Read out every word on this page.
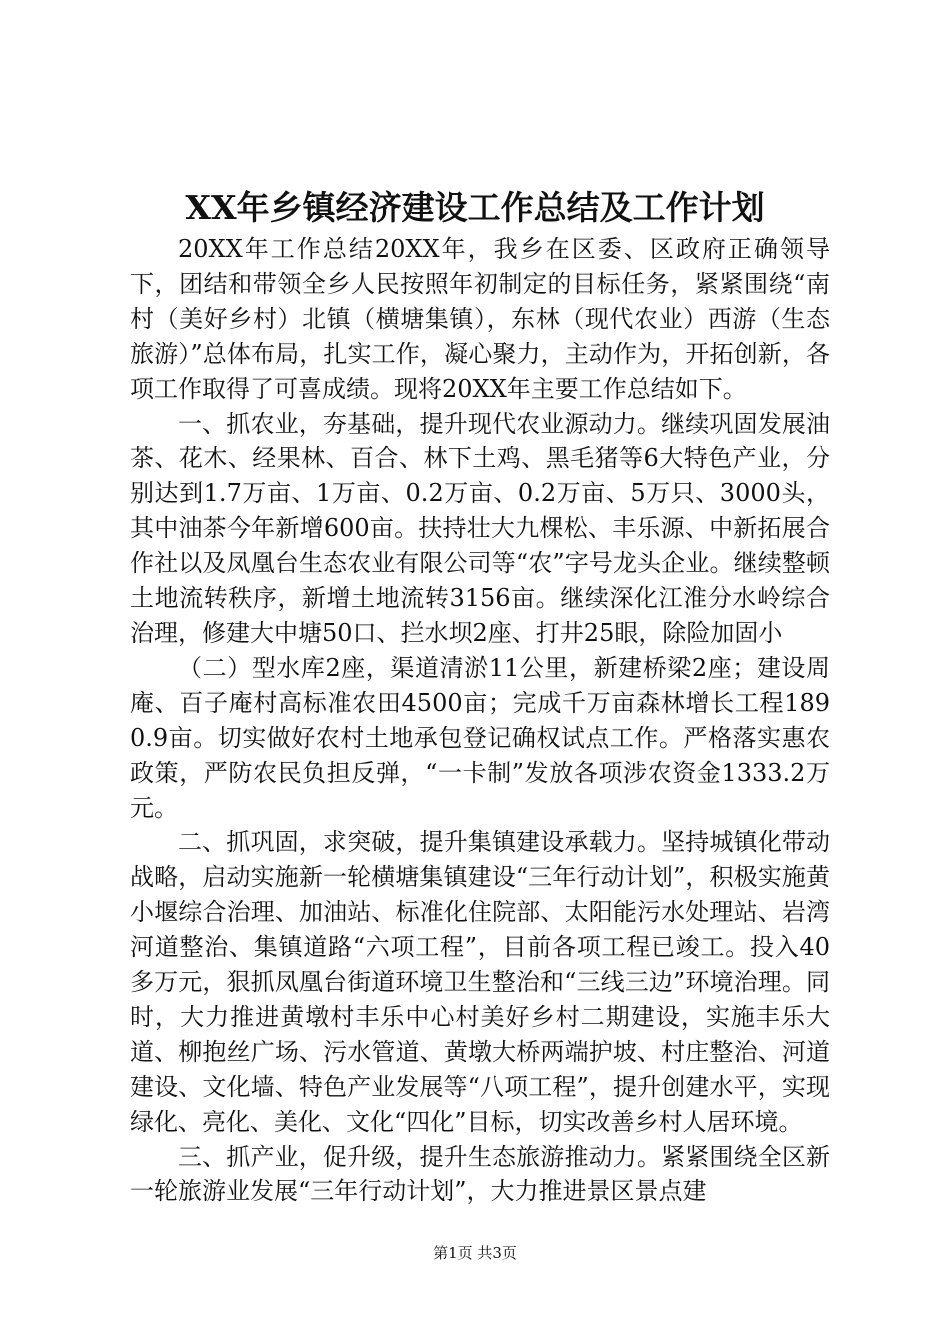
XX年乡镇经济建设工作总结及工作计划

20XX年工作总结20XX年，我乡在区委、区政府正确领导下，团结和带领全乡人民按照年初制定的目标任务，紧紧围绕“南村（美好乡村）北镇（横塘集镇），东林（现代农业）西游（生态旅游）”总体布局，扎实工作，凝心聚力，主动作为，开拓创新，各项工作取得了可喜成绩。现将20XX年主要工作总结如下。

一、抓农业，夯基础，提升现代农业源动力。继续巩固发展油茶、花木、经果林、百合、林下土鸡、黑毛猪等6大特色产业，分别达到1.7万亩、1万亩、0.2万亩、0.2万亩、5万只、3000头，其中油茶今年新增600亩。扶持壮大九棵松、丰乐源、中新拓展合作社以及凤凰台生态农业有限公司等“农”字号龙头企业。继续整顿土地流转秩序，新增土地流转3156亩。继续深化江淮分水岭综合治理，修建大中塘50口、拦水坝2座、打井25眼，除险加固小

（二）型水库2座，渠道清淤11公里，新建桥梁2座；建设周庵、百子庵村高标准农田4500亩；完成千万亩森林增长工程1890.9亩。切实做好农村土地承包登记确权试点工作。严格落实惠农政策，严防农民负担反弹，“一卡制”发放各项涉农资金1333.2万元。

二、抓巩固，求突破，提升集镇建设承载力。坚持城镇化带动战略，启动实施新一轮横塘集镇建设“三年行动计划”，积极实施黄小堰综合治理、加油站、标准化住院部、太阳能污水处理站、岩湾河道整治、集镇道路“六项工程”，目前各项工程已竣工。投入40多万元，狠抓凤凰台街道环境卫生整治和“三线三边”环境治理。同时，大力推进黄墩村丰乐中心村美好乡村二期建设，实施丰乐大道、柳抱丝广场、污水管道、黄墩大桥两端护坡、村庄整治、河道建设、文化墙、特色产业发展等“八项工程”，提升创建水平，实现绿化、亮化、美化、文化“四化”目标，切实改善乡村人居环境。

三、抓产业，促升级，提升生态旅游推动力。紧紧围绕全区新一轮旅游业发展“三年行动计划”，大力推进景区景点建

第1页 共3页
